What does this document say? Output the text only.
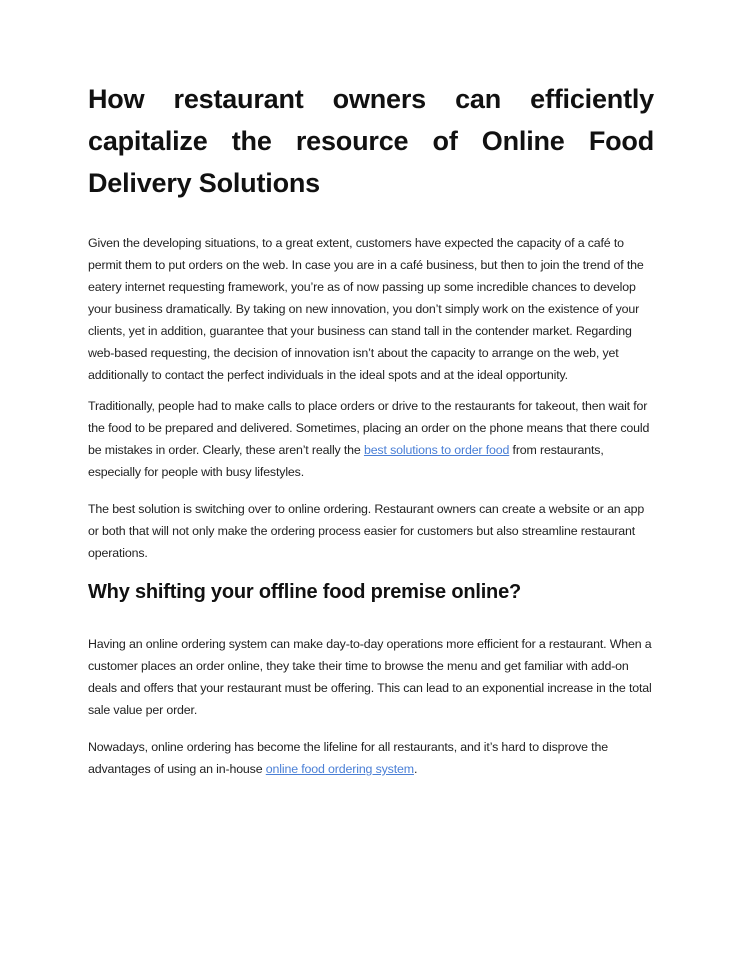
How restaurant owners can efficiently capitalize the resource of Online Food Delivery Solutions

Given the developing situations, to a great extent, customers have expected the capacity of a café to permit them to put orders on the web. In case you are in a café business, but then to join the trend of the eatery internet requesting framework, you’re as of now passing up some incredible chances to develop your business dramatically. By taking on new innovation, you don’t simply work on the existence of your clients, yet in addition, guarantee that your business can stand tall in the contender market. Regarding web-based requesting, the decision of innovation isn’t about the capacity to arrange on the web, yet additionally to contact the perfect individuals in the ideal spots and at the ideal opportunity.

Traditionally, people had to make calls to place orders or drive to the restaurants for takeout, then wait for the food to be prepared and delivered. Sometimes, placing an order on the phone means that there could be mistakes in order. Clearly, these aren’t really the best solutions to order food from restaurants, especially for people with busy lifestyles.

The best solution is switching over to online ordering. Restaurant owners can create a website or an app or both that will not only make the ordering process easier for customers but also streamline restaurant operations.

Why shifting your offline food premise online?

Having an online ordering system can make day-to-day operations more efficient for a restaurant. When a customer places an order online, they take their time to browse the menu and get familiar with add-on deals and offers that your restaurant must be offering. This can lead to an exponential increase in the total sale value per order.

Nowadays, online ordering has become the lifeline for all restaurants, and it’s hard to disprove the advantages of using an in-house online food ordering system.
